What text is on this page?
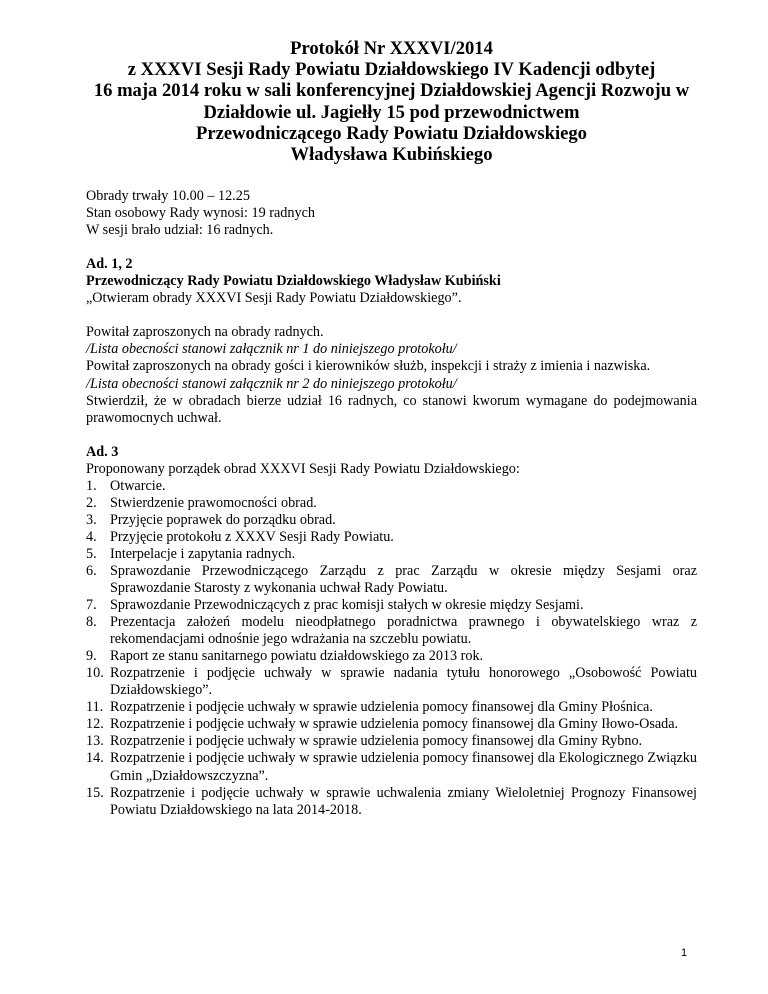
Protokół Nr XXXVI/2014
z XXXVI Sesji Rady Powiatu Działdowskiego IV Kadencji odbytej
16 maja 2014 roku w sali konferencyjnej Działdowskiej Agencji Rozwoju w
Działdowie ul. Jagiełły 15 pod przewodnictwem
Przewodniczącego Rady Powiatu Działdowskiego
Władysława Kubińskiego
Obrady trwały 10.00 – 12.25
Stan osobowy Rady wynosi: 19 radnych
W sesji brało udział: 16 radnych.
Ad. 1, 2
Przewodniczący Rady Powiatu Działdowskiego Władysław Kubiński
„Otwieram obrady XXXVI Sesji Rady Powiatu Działdowskiego”.
Powitał zaproszonych na obrady radnych.
/Lista obecności stanowi załącznik nr 1 do niniejszego protokołu/
Powitał zaproszonych na obrady gości i kierowników służb, inspekcji i straży z imienia i nazwiska.
/Lista obecności stanowi załącznik nr 2 do niniejszego protokołu/
Stwierdził, że w obradach bierze udział 16 radnych, co stanowi kworum wymagane do podejmowania prawomocnych uchwał.
Ad. 3
Proponowany porządek obrad XXXVI Sesji Rady Powiatu Działdowskiego:
1. Otwarcie.
2. Stwierdzenie prawomocności obrad.
3. Przyjęcie poprawek do porządku obrad.
4. Przyjęcie protokołu z XXXV Sesji Rady Powiatu.
5. Interpelacje i zapytania radnych.
6. Sprawozdanie Przewodniczącego Zarządu z prac Zarządu w okresie między Sesjami oraz Sprawozdanie Starosty z wykonania uchwał Rady Powiatu.
7. Sprawozdanie Przewodniczących z prac komisji stałych w okresie między Sesjami.
8. Prezentacja założeń modelu nieodpłatnego poradnictwa prawnego i obywatelskiego wraz z rekomendacjami odnośnie jego wdrażania na szczeblu powiatu.
9. Raport ze stanu sanitarnego powiatu działdowskiego za 2013 rok.
10. Rozpatrzenie i podjęcie uchwały w sprawie nadania tytułu honorowego „Osobowość Powiatu Działdowskiego”.
11. Rozpatrzenie i podjęcie uchwały w sprawie udzielenia pomocy finansowej dla Gminy Płośnica.
12. Rozpatrzenie i podjęcie uchwały w sprawie udzielenia pomocy finansowej dla Gminy Iłowo-Osada.
13. Rozpatrzenie i podjęcie uchwały w sprawie udzielenia pomocy finansowej dla Gminy Rybno.
14. Rozpatrzenie i podjęcie uchwały w sprawie udzielenia pomocy finansowej dla Ekologicznego Związku Gmin „Działdowszczyzna”.
15. Rozpatrzenie i podjęcie uchwały w sprawie uchwalenia zmiany Wieloletniej Prognozy Finansowej Powiatu Działdowskiego na lata 2014-2018.
1
